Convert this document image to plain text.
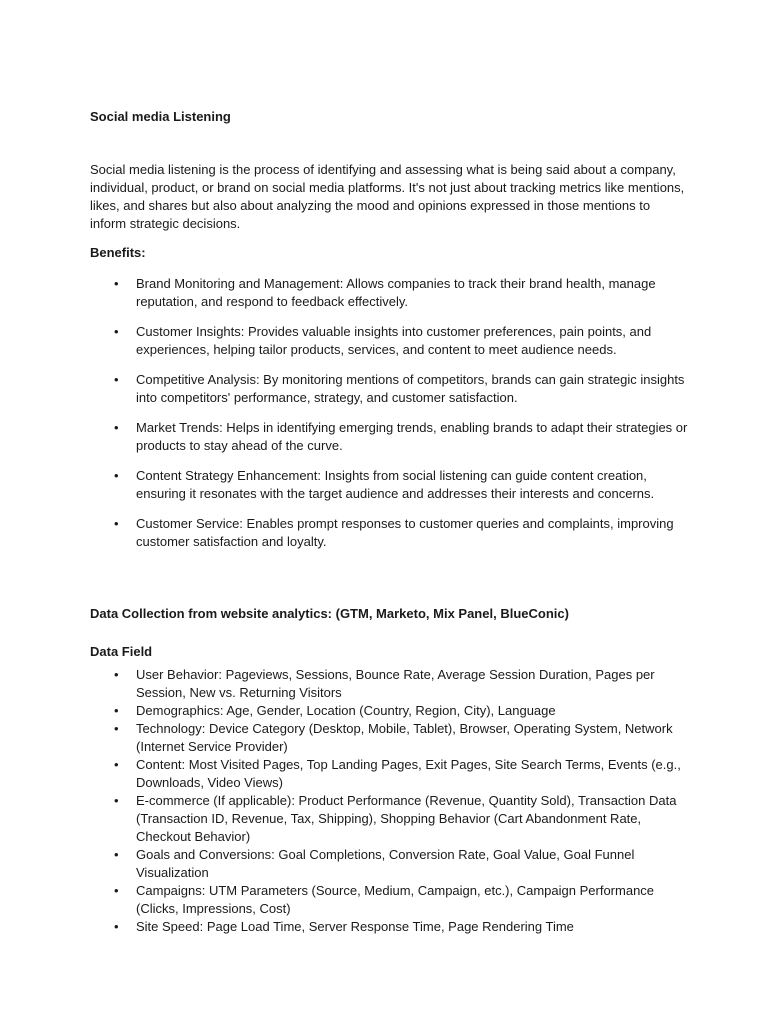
Social media Listening

Social media listening is the process of identifying and assessing what is being said about a company, individual, product, or brand on social media platforms. It's not just about tracking metrics like mentions, likes, and shares but also about analyzing the mood and opinions expressed in those mentions to inform strategic decisions.

Benefits:

• Brand Monitoring and Management: Allows companies to track their brand health, manage reputation, and respond to feedback effectively.
• Customer Insights: Provides valuable insights into customer preferences, pain points, and experiences, helping tailor products, services, and content to meet audience needs.
• Competitive Analysis: By monitoring mentions of competitors, brands can gain strategic insights into competitors' performance, strategy, and customer satisfaction.
• Market Trends: Helps in identifying emerging trends, enabling brands to adapt their strategies or products to stay ahead of the curve.
• Content Strategy Enhancement: Insights from social listening can guide content creation, ensuring it resonates with the target audience and addresses their interests and concerns.
• Customer Service: Enables prompt responses to customer queries and complaints, improving customer satisfaction and loyalty.

Data Collection from website analytics: (GTM, Marketo, Mix Panel, BlueConic)

Data Field

• User Behavior: Pageviews, Sessions, Bounce Rate, Average Session Duration, Pages per Session, New vs. Returning Visitors
• Demographics: Age, Gender, Location (Country, Region, City), Language
• Technology: Device Category (Desktop, Mobile, Tablet), Browser, Operating System, Network (Internet Service Provider)
• Content: Most Visited Pages, Top Landing Pages, Exit Pages, Site Search Terms, Events (e.g., Downloads, Video Views)
• E-commerce (If applicable): Product Performance (Revenue, Quantity Sold), Transaction Data (Transaction ID, Revenue, Tax, Shipping), Shopping Behavior (Cart Abandonment Rate, Checkout Behavior)
• Goals and Conversions: Goal Completions, Conversion Rate, Goal Value, Goal Funnel Visualization
• Campaigns: UTM Parameters (Source, Medium, Campaign, etc.), Campaign Performance (Clicks, Impressions, Cost)
• Site Speed: Page Load Time, Server Response Time, Page Rendering Time
